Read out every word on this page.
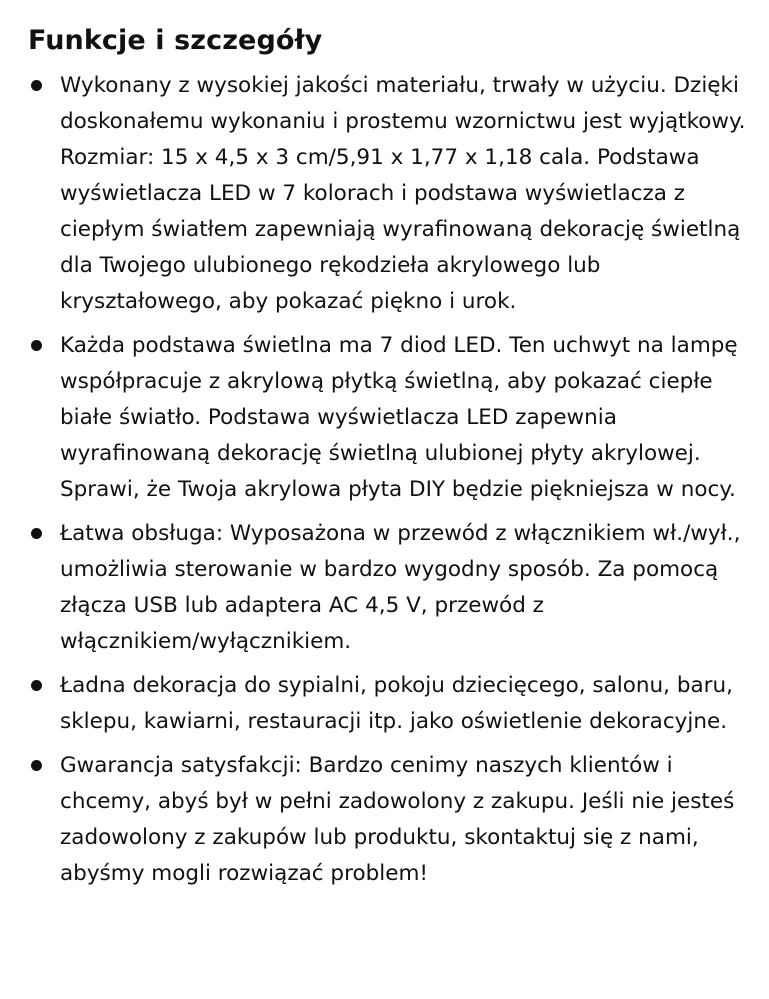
Funkcje i szczegóły
Wykonany z wysokiej jakości materiału, trwały w użyciu. Dzięki doskonałemu wykonaniu i prostemu wzornictwu jest wyjątkowy. Rozmiar: 15 x 4,5 x 3 cm/5,91 x 1,77 x 1,18 cala. Podstawa wyświetlacza LED w 7 kolorach i podstawa wyświetlacza z ciepłym światłem zapewniają wyrafinowaną dekorację świetlną dla Twojego ulubionego rękodzieła akrylowego lub kryształowego, aby pokazać piękno i urok.
Każda podstawa świetlna ma 7 diod LED. Ten uchwyt na lampę współpracuje z akrylową płytką świetlną, aby pokazać ciepłe białe światło. Podstawa wyświetlacza LED zapewnia wyrafinowaną dekorację świetlną ulubionej płyty akrylowej. Sprawi, że Twoja akrylowa płyta DIY będzie piękniejsza w nocy.
Łatwa obsługa: Wyposażona w przewód z włącznikiem wł./wył., umożliwia sterowanie w bardzo wygodny sposób. Za pomocą złącza USB lub adaptera AC 4,5 V, przewód z włącznikiem/wyłącznikiem.
Ładna dekoracja do sypialni, pokoju dziecięcego, salonu, baru, sklepu, kawiarni, restauracji itp. jako oświetlenie dekoracyjne.
Gwarancja satysfakcji: Bardzo cenimy naszych klientów i chcemy, abyś był w pełni zadowolony z zakupu. Jeśli nie jesteś zadowolony z zakupów lub produktu, skontaktuj się z nami, abyśmy mogli rozwiązać problem!
